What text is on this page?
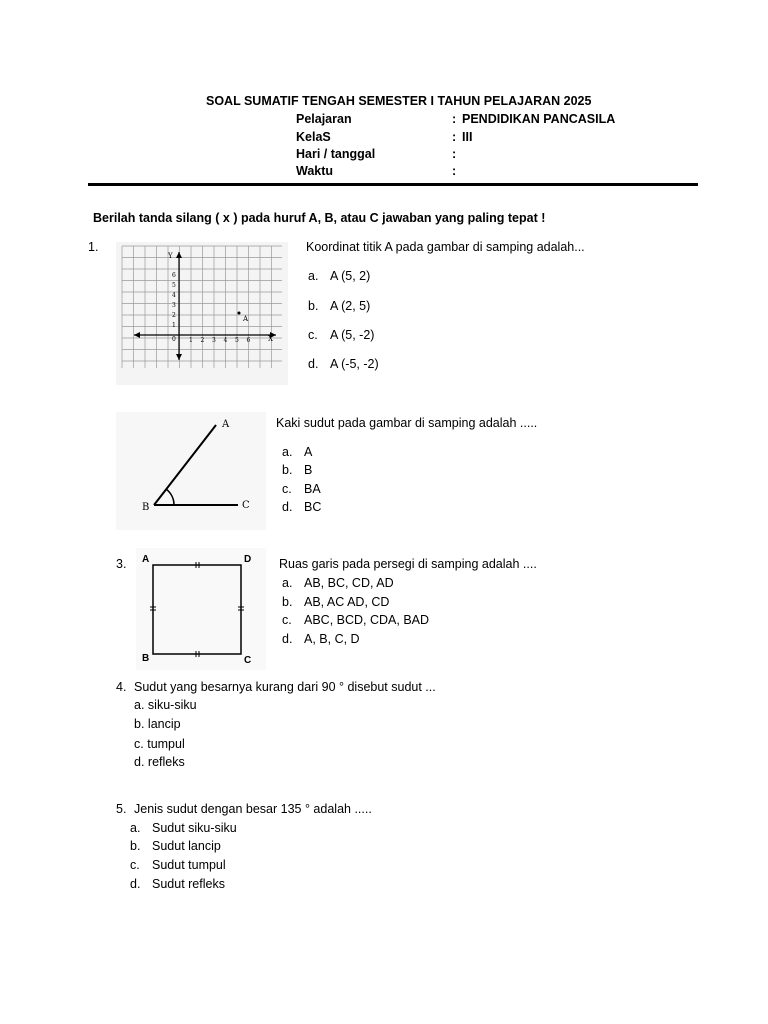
SOAL SUMATIF TENGAH SEMESTER I TAHUN PELAJARAN 2025
Pelajaran	: PENDIDIKAN PANCASILA
KelaS	: III
Hari / tanggal	:
Waktu	:
Berilah tanda silang ( x ) pada huruf A, B, atau C jawaban yang paling tepat !
1.
1 2 3 4 5 6
1
2
3
4
5
6
Y
X
0
A
Koordinat titik A pada gambar di samping adalah...
a. A (5, 2)
b. A (2, 5)
c. A (5, -2)
d. A (-5, -2)
A
B	C
Kaki sudut pada gambar di samping adalah .....
a. A
b. B
c. BA
d. BC
3. A	D
B	C
Ruas garis pada persegi di samping adalah ....
a. AB, BC, CD, AD
b. AB, AC AD, CD
c. ABC, BCD, CDA, BAD
d. A, B, C, D
4. Sudut yang besarnya kurang dari 90 ° disebut sudut ...
a. siku-siku
b. lancip
c. tumpul
d. refleks
5. Jenis sudut dengan besar 135 ° adalah .....
a. Sudut siku-siku
b. Sudut lancip
c. Sudut tumpul
d. Sudut refleks
